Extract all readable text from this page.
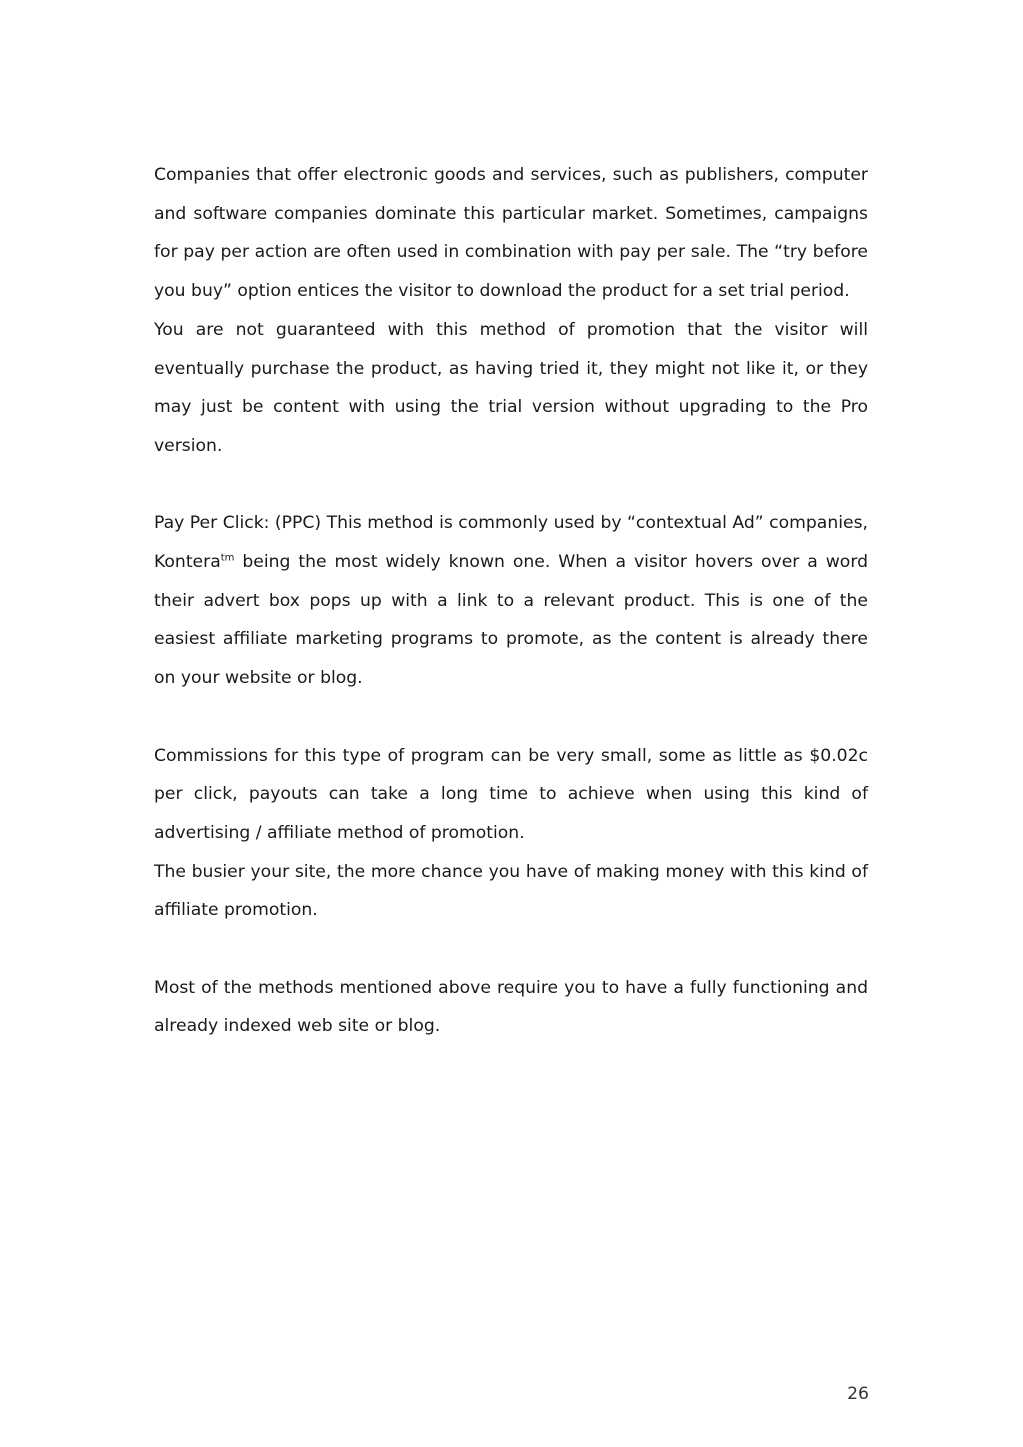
Companies that offer electronic goods and services, such as publishers, computer and software companies dominate this particular market. Sometimes, campaigns for pay per action are often used in combination with pay per sale. The “try before you buy” option entices the visitor to download the product for a set trial period.

You are not guaranteed with this method of promotion that the visitor will eventually purchase the product, as having tried it, they might not like it, or they may just be content with using the trial version without upgrading to the Pro version.

Pay Per Click: (PPC) This method is commonly used by “contextual Ad” companies, Kontera$^{tm}$ being the most widely known one. When a visitor hovers over a word their advert box pops up with a link to a relevant product. This is one of the easiest affiliate marketing programs to promote, as the content is already there on your website or blog.

Commissions for this type of program can be very small, some as little as $0.02c per click, payouts can take a long time to achieve when using this kind of advertising / affiliate method of promotion.

The busier your site, the more chance you have of making money with this kind of affiliate promotion.

Most of the methods mentioned above require you to have a fully functioning and already indexed web site or blog.

26
